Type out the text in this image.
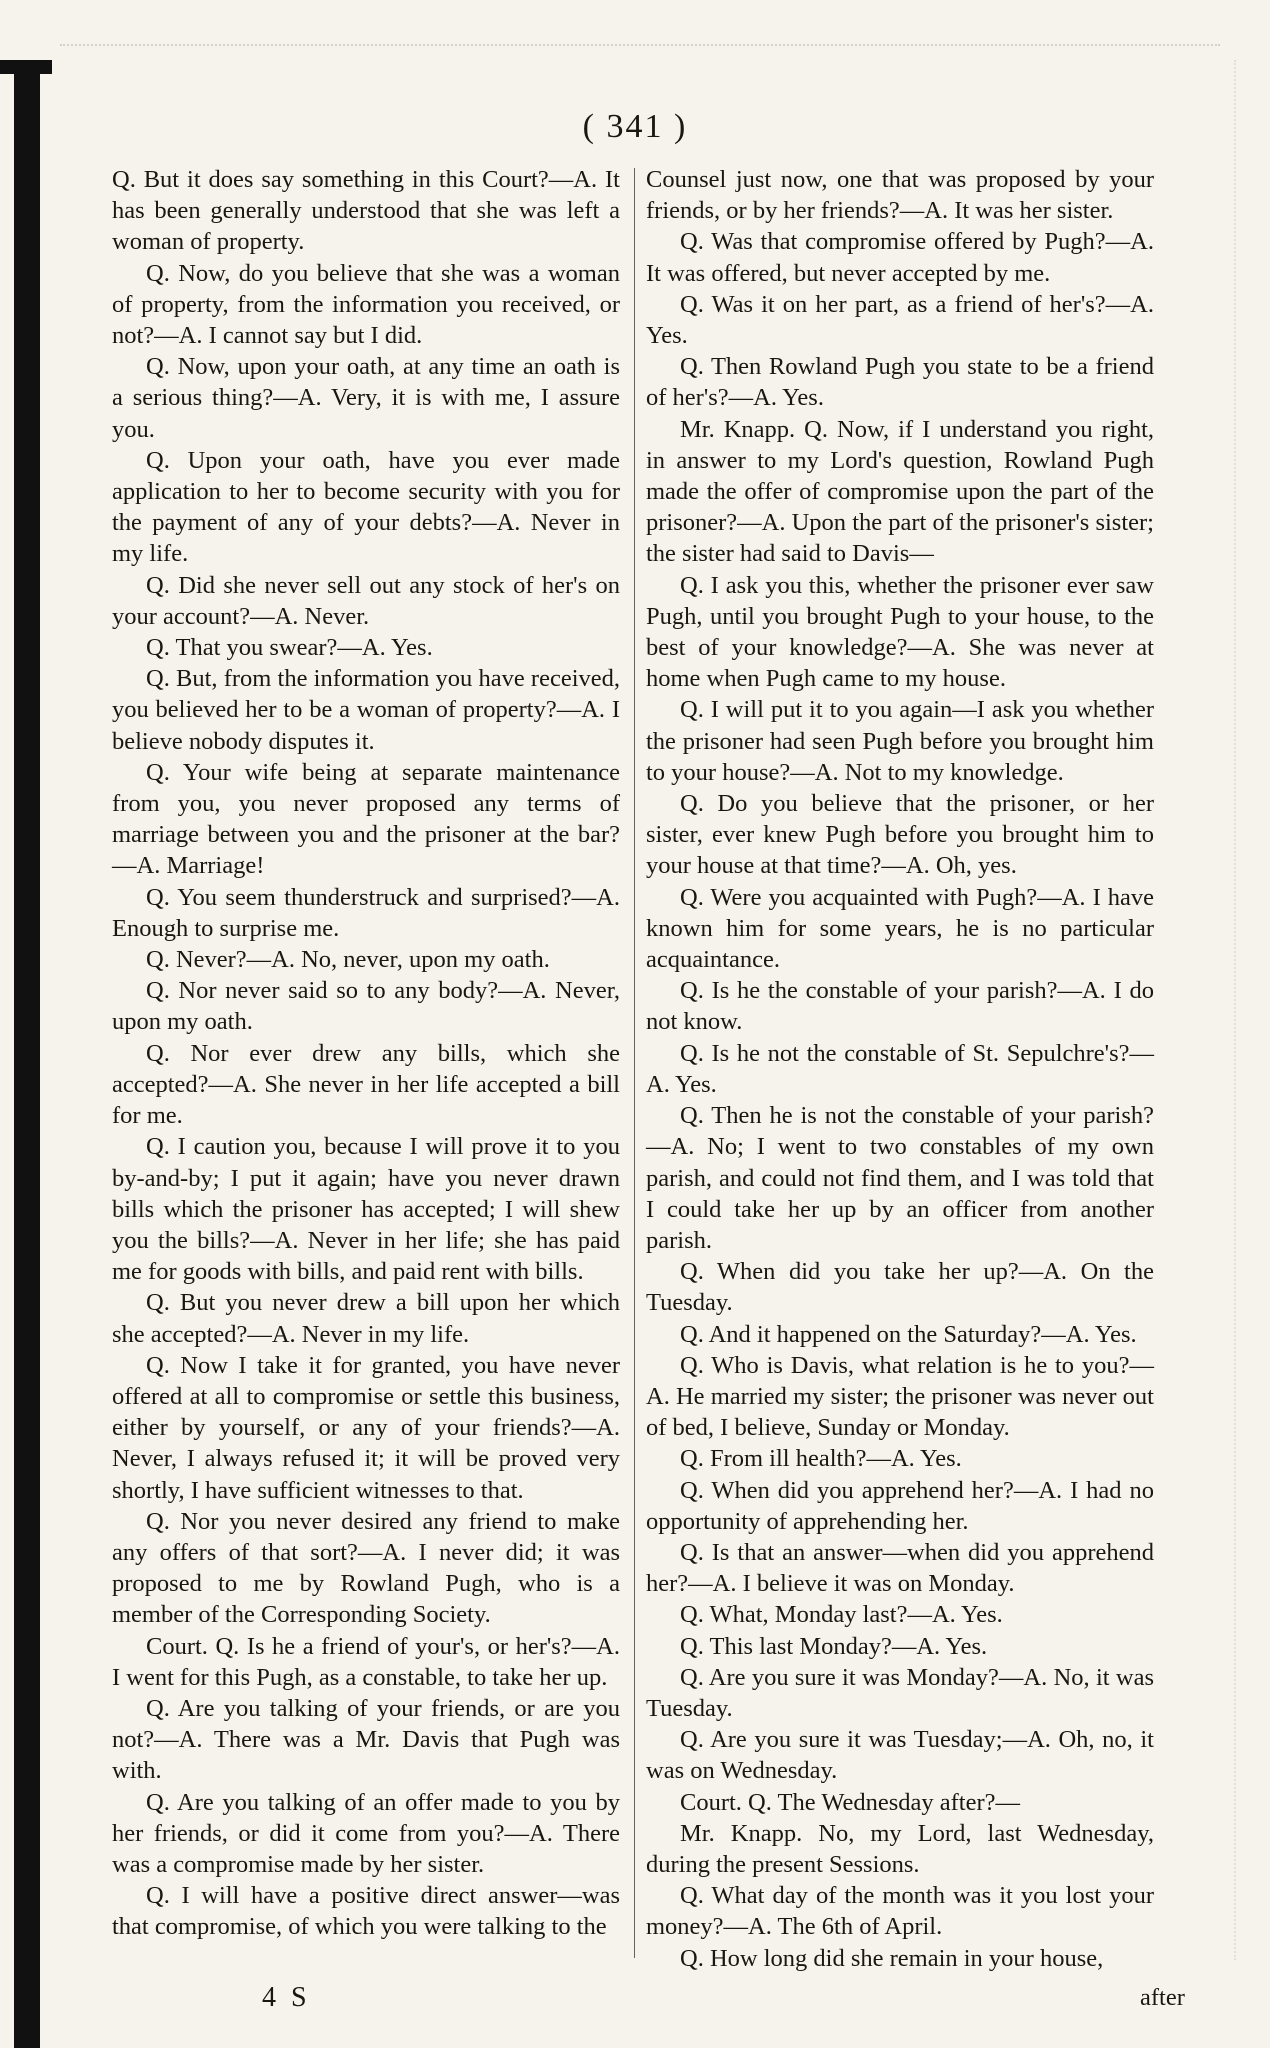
( 341 )

Q. But it does say something in this Court?—A. It has been generally understood that she was left a woman of property.

Q. Now, do you believe that she was a woman of property, from the information you received, or not?—A. I cannot say but I did.

Q. Now, upon your oath, at any time an oath is a serious thing?—A. Very, it is with me, I assure you.

Q. Upon your oath, have you ever made application to her to become security with you for the payment of any of your debts?—A. Never in my life.

Q. Did she never sell out any stock of her's on your account?—A. Never.

Q. That you swear?—A. Yes.

Q. But, from the information you have received, you believed her to be a woman of property?—A. I believe nobody disputes it.

Q. Your wife being at separate maintenance from you, you never proposed any terms of marriage between you and the prisoner at the bar?—A. Marriage!

Q. You seem thunderstruck and surprised?—A. Enough to surprise me.

Q. Never?—A. No, never, upon my oath.

Q. Nor never said so to any body?—A. Never, upon my oath.

Q. Nor ever drew any bills, which she accepted?—A. She never in her life accepted a bill for me.

Q. I caution you, because I will prove it to you by-and-by; I put it again; have you never drawn bills which the prisoner has accepted; I will shew you the bills?—A. Never in her life; she has paid me for goods with bills, and paid rent with bills.

Q. But you never drew a bill upon her which she accepted?—A. Never in my life.

Q. Now I take it for granted, you have never offered at all to compromise or settle this business, either by yourself, or any of your friends?—A. Never, I always refused it; it will be proved very shortly, I have sufficient witnesses to that.

Q. Nor you never desired any friend to make any offers of that sort?—A. I never did; it was proposed to me by Rowland Pugh, who is a member of the Corresponding Society.

Court. Q. Is he a friend of your's, or her's?—A. I went for this Pugh, as a constable, to take her up.

Q. Are you talking of your friends, or are you not?—A. There was a Mr. Davis that Pugh was with.

Q. Are you talking of an offer made to you by her friends, or did it come from you?—A. There was a compromise made by her sister.

Q. I will have a positive direct answer—was that compromise, of which you were talking to the

Counsel just now, one that was proposed by your friends, or by her friends?—A. It was her sister.

Q. Was that compromise offered by Pugh?—A. It was offered, but never accepted by me.

Q. Was it on her part, as a friend of her's?—A. Yes.

Q. Then Rowland Pugh you state to be a friend of her's?—A. Yes.

Mr. Knapp. Q. Now, if I understand you right, in answer to my Lord's question, Rowland Pugh made the offer of compromise upon the part of the prisoner?—A. Upon the part of the prisoner's sister; the sister had said to Davis—

Q. I ask you this, whether the prisoner ever saw Pugh, until you brought Pugh to your house, to the best of your knowledge?—A. She was never at home when Pugh came to my house.

Q. I will put it to you again—I ask you whether the prisoner had seen Pugh before you brought him to your house?—A. Not to my knowledge.

Q. Do you believe that the prisoner, or her sister, ever knew Pugh before you brought him to your house at that time?—A. Oh, yes.

Q. Were you acquainted with Pugh?—A. I have known him for some years, he is no particular acquaintance.

Q. Is he the constable of your parish?—A. I do not know.

Q. Is he not the constable of St. Sepulchre's?—A. Yes.

Q. Then he is not the constable of your parish?—A. No; I went to two constables of my own parish, and could not find them, and I was told that I could take her up by an officer from another parish.

Q. When did you take her up?—A. On the Tuesday.

Q. And it happened on the Saturday?—A. Yes.

Q. Who is Davis, what relation is he to you?—A. He married my sister; the prisoner was never out of bed, I believe, Sunday or Monday.

Q. From ill health?—A. Yes.

Q. When did you apprehend her?—A. I had no opportunity of apprehending her.

Q. Is that an answer—when did you apprehend her?—A. I believe it was on Monday.

Q. What, Monday last?—A. Yes.

Q. This last Monday?—A. Yes.

Q. Are you sure it was Monday?—A. No, it was Tuesday.

Q. Are you sure it was Tuesday;—A. Oh, no, it was on Wednesday.

Court. Q. The Wednesday after?—

Mr. Knapp. No, my Lord, last Wednesday, during the present Sessions.

Q. What day of the month was it you lost your money?—A. The 6th of April.

Q. How long did she remain in your house,

4 S	after
